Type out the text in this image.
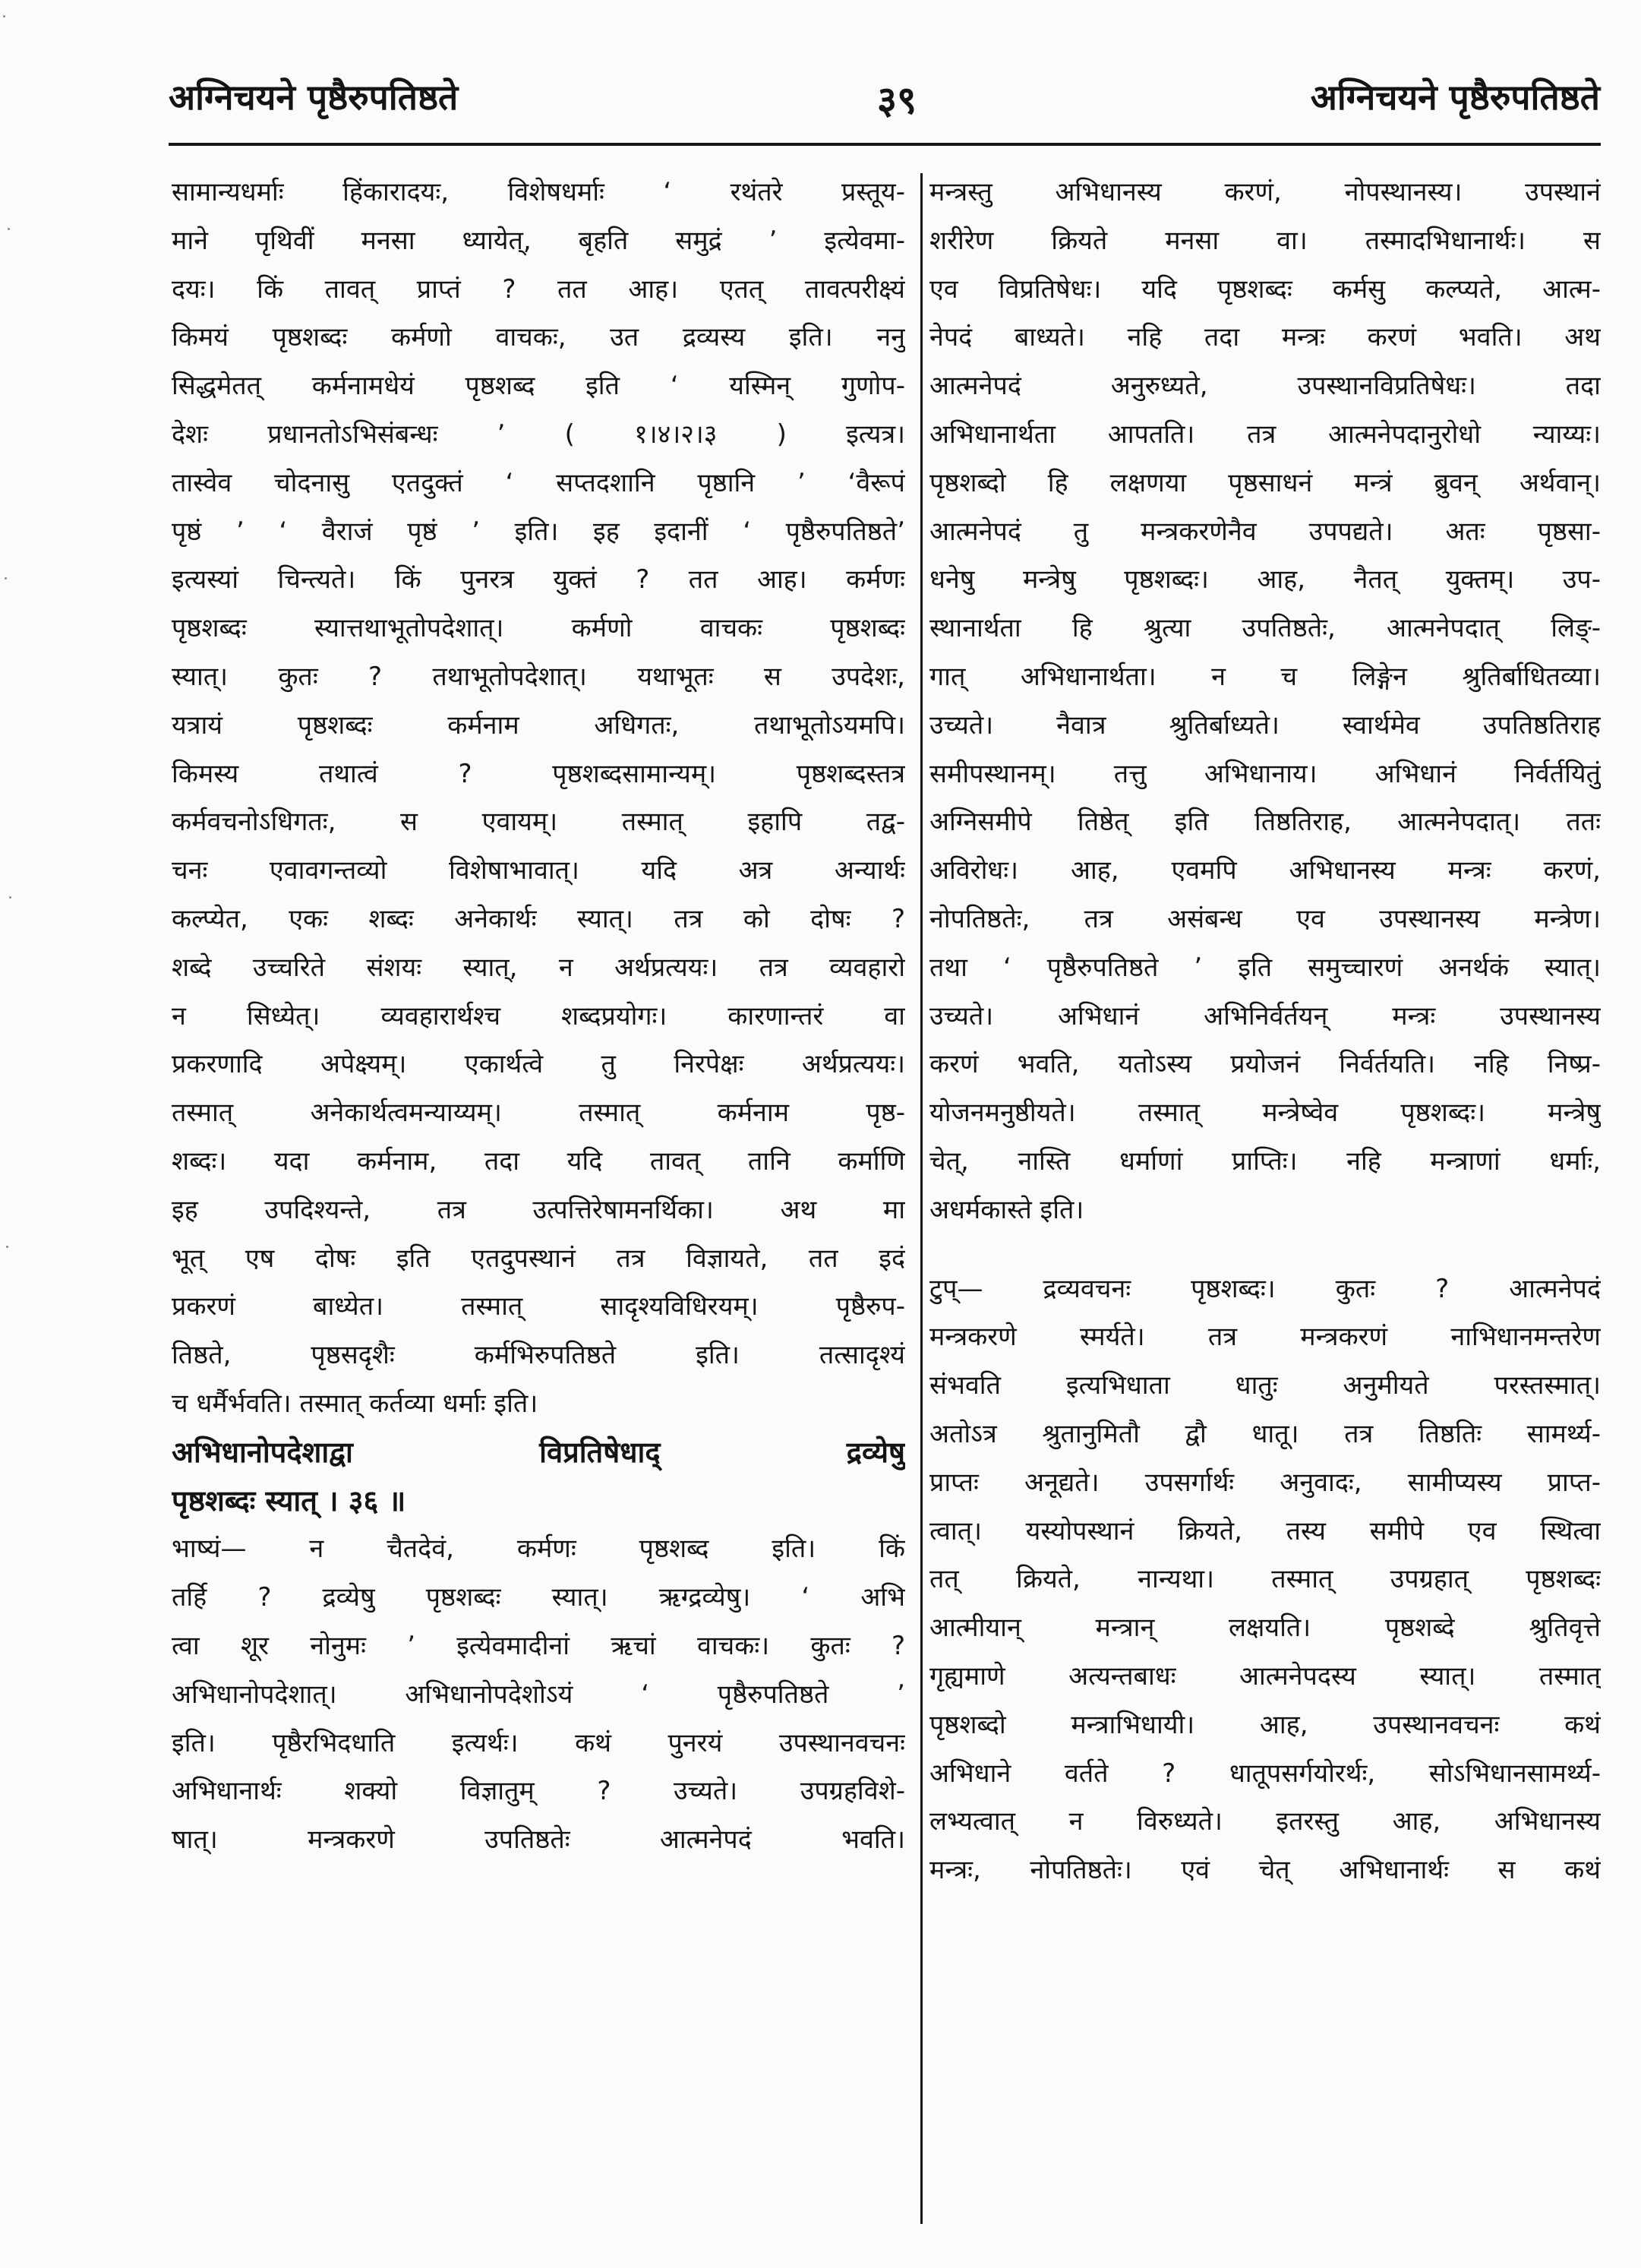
अग्निचयने पृष्ठैरुपतिष्ठते	३९	अग्निचयने पृष्ठैरुपतिष्ठते
सामान्यधर्माः हिंकारादयः, विशेषधर्माः ‘ रथंतरे प्रस्तूय-
माने पृथिवीं मनसा ध्यायेत्, बृहति समुद्रं ’ इत्येवमा-
दयः। किं तावत् प्राप्तं ? तत आह। एतत् तावत्परीक्ष्यं
किमयं पृष्ठशब्दः कर्मणो वाचकः, उत द्रव्यस्य इति। ननु
सिद्धमेतत् कर्मनामधेयं पृष्ठशब्द इति ‘ यस्मिन् गुणोप-
देशः प्रधानतोऽभिसंबन्धः ’ ( १।४।२।३ ) इत्यत्र।
तास्वेव चोदनासु एतदुक्तं ‘ सप्तदशानि पृष्ठानि ’ ‘वैरूपं
पृष्ठं ’ ‘ वैराजं पृष्ठं ’ इति। इह इदानीं ‘ पृष्ठैरुपतिष्ठते’
इत्यस्यां चिन्त्यते। किं पुनरत्र युक्तं ? तत आह। कर्मणः
पृष्ठशब्दः स्यात्तथाभूतोपदेशात्। कर्मणो वाचकः पृष्ठशब्दः
स्यात्। कुतः ? तथाभूतोपदेशात्। यथाभूतः स उपदेशः,
यत्रायं पृष्ठशब्दः कर्मनाम अधिगतः, तथाभूतोऽयमपि।
किमस्य तथात्वं ? पृष्ठशब्दसामान्यम्। पृष्ठशब्दस्तत्र
कर्मवचनोऽधिगतः, स एवायम्। तस्मात् इहापि तद्व-
चनः एवावगन्तव्यो विशेषाभावात्। यदि अत्र अन्यार्थः
कल्प्येत, एकः शब्दः अनेकार्थः स्यात्। तत्र को दोषः ?
शब्दे उच्चरिते संशयः स्यात्, न अर्थप्रत्ययः। तत्र व्यवहारो
न सिध्येत्। व्यवहारार्थश्च शब्दप्रयोगः। कारणान्तरं वा
प्रकरणादि अपेक्ष्यम्। एकार्थत्वे तु निरपेक्षः अर्थप्रत्ययः।
तस्मात् अनेकार्थत्वमन्याय्यम्। तस्मात् कर्मनाम पृष्ठ-
शब्दः। यदा कर्मनाम, तदा यदि तावत् तानि कर्माणि
इह उपदिश्यन्ते, तत्र उत्पत्तिरेषामनर्थिका। अथ मा
भूत् एष दोषः इति एतदुपस्थानं तत्र विज्ञायते, तत इदं
प्रकरणं बाध्येत। तस्मात् सादृश्यविधिरयम्। पृष्ठैरुप-
तिष्ठते, पृष्ठसदृशैः कर्मभिरुपतिष्ठते इति। तत्सादृश्यं
च धर्मैर्भवति। तस्मात् कर्तव्या धर्माः इति।
अभिधानोपदेशाद्वा विप्रतिषेधाद् द्रव्येषु
पृष्ठशब्दः स्यात् । ३६ ॥
भाष्यं— न चैतदेवं, कर्मणः पृष्ठशब्द इति। किं
तर्हि ? द्रव्येषु पृष्ठशब्दः स्यात्। ऋग्द्रव्येषु। ‘ अभि
त्वा शूर नोनुमः ’ इत्येवमादीनां ऋचां वाचकः। कुतः ?
अभिधानोपदेशात्। अभिधानोपदेशोऽयं ‘ पृष्ठैरुपतिष्ठते ’
इति। पृष्ठैरभिदधाति इत्यर्थः। कथं पुनरयं उपस्थानवचनः
अभिधानार्थः शक्यो विज्ञातुम् ? उच्यते। उपग्रहविशे-
षात्। मन्त्रकरणे उपतिष्ठतेः आत्मनेपदं भवति।
मन्त्रस्तु अभिधानस्य करणं, नोपस्थानस्य। उपस्थानं
शरीरेण क्रियते मनसा वा। तस्मादभिधानार्थः। स
एव विप्रतिषेधः। यदि पृष्ठशब्दः कर्मसु कल्प्यते, आत्म-
नेपदं बाध्यते। नहि तदा मन्त्रः करणं भवति। अथ
आत्मनेपदं अनुरुध्यते, उपस्थानविप्रतिषेधः। तदा
अभिधानार्थता आपतति। तत्र आत्मनेपदानुरोधो न्याय्यः।
पृष्ठशब्दो हि लक्षणया पृष्ठसाधनं मन्त्रं ब्रुवन् अर्थवान्।
आत्मनेपदं तु मन्त्रकरणेनैव उपपद्यते। अतः पृष्ठसा-
धनेषु मन्त्रेषु पृष्ठशब्दः। आह, नैतत् युक्तम्। उप-
स्थानार्थता हि श्रुत्या उपतिष्ठतेः, आत्मनेपदात् लिङ्-
गात् अभिधानार्थता। न च लिङ्गेन श्रुतिर्बाधितव्या।
उच्यते। नैवात्र श्रुतिर्बाध्यते। स्वार्थमेव उपतिष्ठतिराह
समीपस्थानम्। तत्तु अभिधानाय। अभिधानं निर्वर्तयितुं
अग्निसमीपे तिष्ठेत् इति तिष्ठतिराह, आत्मनेपदात्। ततः
अविरोधः। आह, एवमपि अभिधानस्य मन्त्रः करणं,
नोपतिष्ठतेः, तत्र असंबन्ध एव उपस्थानस्य मन्त्रेण।
तथा ‘ पृष्ठैरुपतिष्ठते ’ इति समुच्चारणं अनर्थकं स्यात्।
उच्यते। अभिधानं अभिनिर्वर्तयन् मन्त्रः उपस्थानस्य
करणं भवति, यतोऽस्य प्रयोजनं निर्वर्तयति। नहि निष्प्र-
योजनमनुष्ठीयते। तस्मात् मन्त्रेष्वेव पृष्ठशब्दः। मन्त्रेषु
चेत्, नास्ति धर्माणां प्राप्तिः। नहि मन्त्राणां धर्माः,
अधर्मकास्ते इति।
टुप्— द्रव्यवचनः पृष्ठशब्दः। कुतः ? आत्मनेपदं
मन्त्रकरणे स्मर्यते। तत्र मन्त्रकरणं नाभिधानमन्तरेण
संभवति इत्यभिधाता धातुः अनुमीयते परस्तस्मात्।
अतोऽत्र श्रुतानुमितौ द्वौ धातू। तत्र तिष्ठतिः सामर्थ्य-
प्राप्तः अनूद्यते। उपसर्गार्थः अनुवादः, सामीप्यस्य प्राप्त-
त्वात्। यस्योपस्थानं क्रियते, तस्य समीपे एव स्थित्वा
तत् क्रियते, नान्यथा। तस्मात् उपग्रहात् पृष्ठशब्दः
आत्मीयान् मन्त्रान् लक्षयति। पृष्ठशब्दे श्रुतिवृत्ते
गृह्यमाणे अत्यन्तबाधः आत्मनेपदस्य स्यात्। तस्मात्
पृष्ठशब्दो मन्त्राभिधायी। आह, उपस्थानवचनः कथं
अभिधाने वर्तते ? धातूपसर्गयोरर्थः, सोऽभिधानसामर्थ्य-
लभ्यत्वात् न विरुध्यते। इतरस्तु आह, अभिधानस्य
मन्त्रः, नोपतिष्ठतेः। एवं चेत् अभिधानार्थः स कथं
